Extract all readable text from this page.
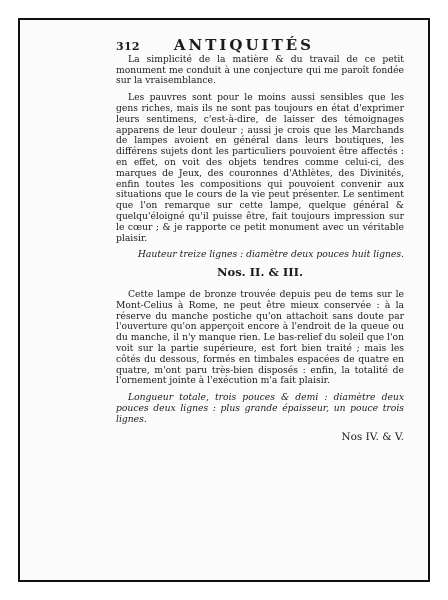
312 ANTIQUITÉS

La simplicité de la matière & du travail de ce petit monument me conduit à une conjecture qui me paroît fondée sur la vraisemblance.

Les pauvres sont pour le moins aussi sensibles que les gens riches, mais ils ne sont pas toujours en état d'exprimer leurs sentimens, c'est-à-dire, de laisser des témoignages apparens de leur douleur ; aussi je crois que les Marchands de lampes avoient en général dans leurs boutiques, les différens sujets dont les particuliers pouvoient être affectés : en effet, on voit des objets tendres comme celui-ci, des marques de Jeux, des couronnes d'Athlètes, des Divinités, enfin toutes les compositions qui pouvoient convenir aux situations que le cours de la vie peut présenter. Le sentiment que l'on remarque sur cette lampe, quelque général & quelqu'éloigné qu'il puisse être, fait toujours impression sur le cœur ; & je rapporte ce petit monument avec un véritable plaisir.

Hauteur treize lignes : diamètre deux pouces huit lignes.

Nos. II. & III.

Cette lampe de bronze trouvée depuis peu de tems sur le Mont-Celius à Rome, ne peut être mieux conservée : à la réserve du manche postiche qu'on attachoit sans doute par l'ouverture qu'on apperçoit encore à l'endroit de la queue ou du manche, il n'y manque rien. Le bas-relief du soleil que l'on voit sur la partie supérieure, est fort bien traité ; mais les côtés du dessous, formés en timbales espacées de quatre en quatre, m'ont paru très-bien disposés : enfin, la totalité de l'ornement jointe à l'exécution m'a fait plaisir.

Longueur totale, trois pouces & demi : diamètre deux pouces deux lignes : plus grande épaisseur, un pouce trois lignes.

Nos IV. & V.
